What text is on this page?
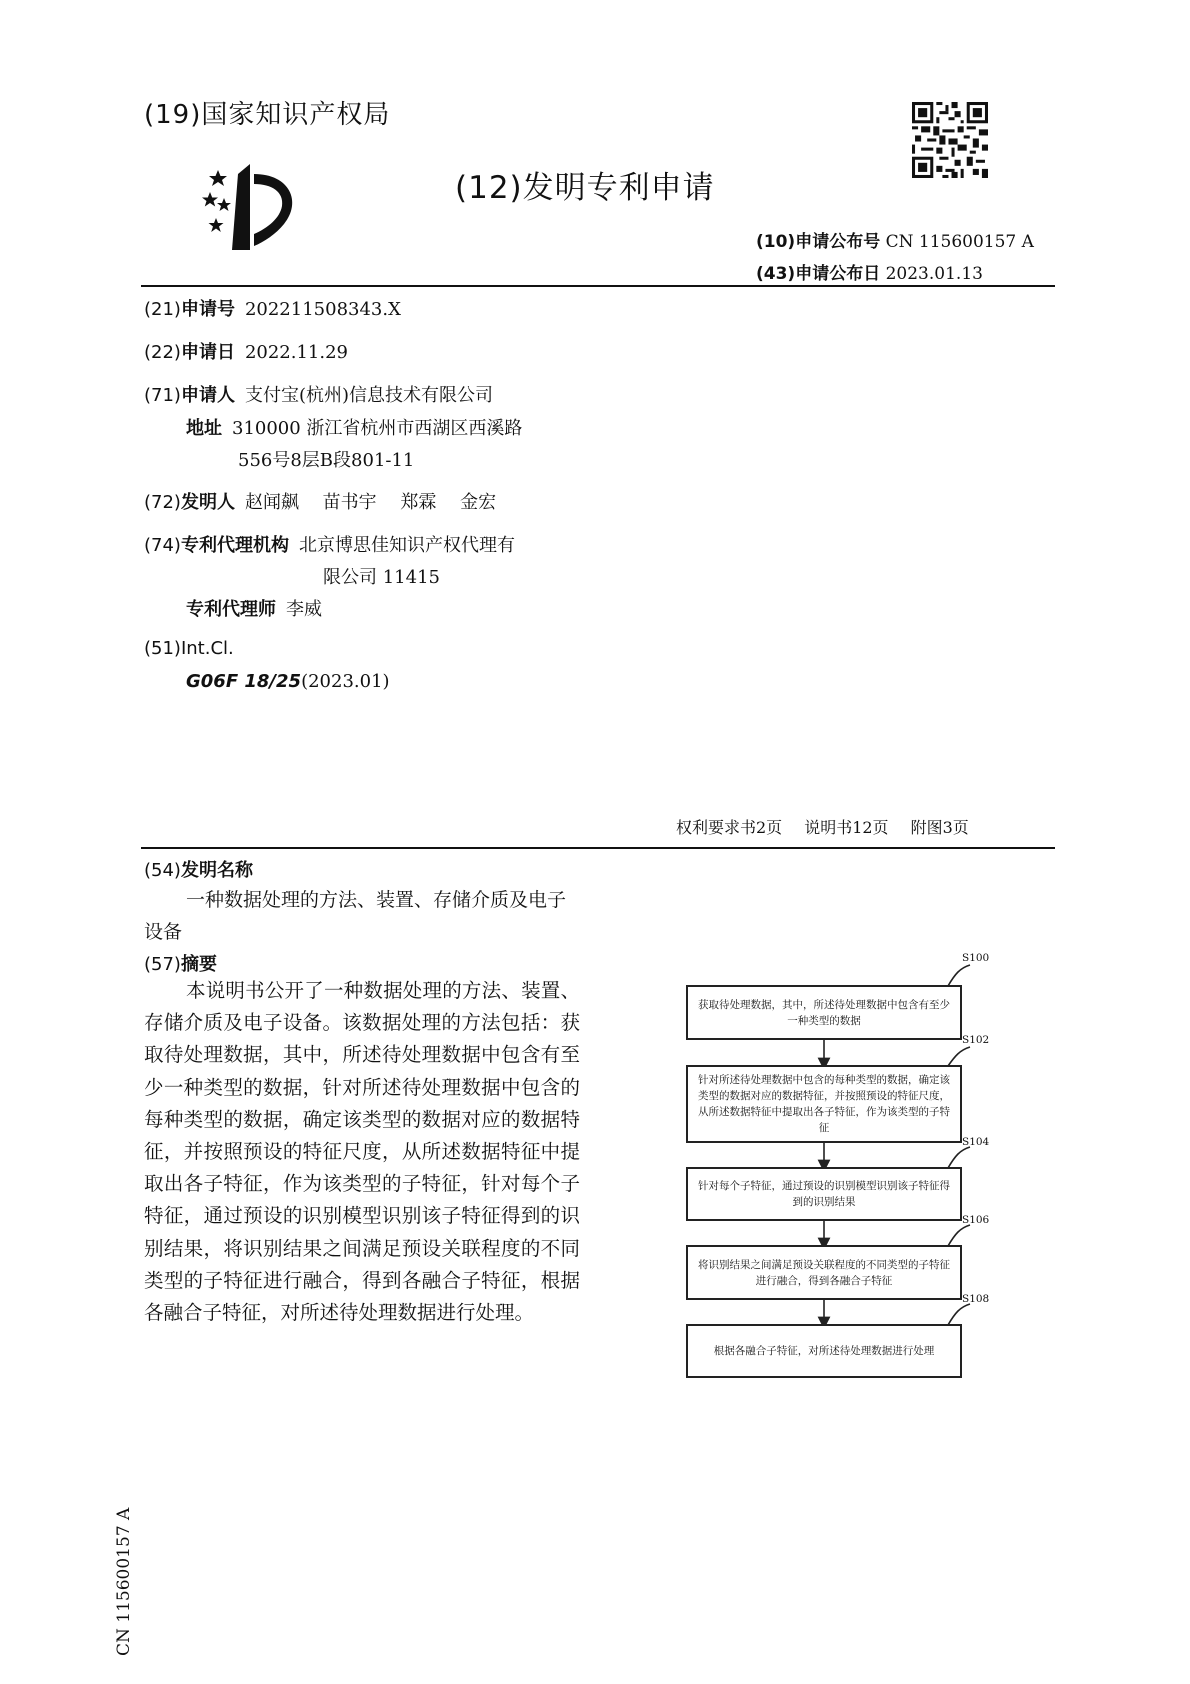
(19)国家知识产权局
(12)发明专利申请
(10)申请公布号 CN 115600157 A
(43)申请公布日 2023.01.13
(21)申请号 202211508343.X
(22)申请日 2022.11.29
(71)申请人 支付宝(杭州)信息技术有限公司
地址 310000 浙江省杭州市西湖区西溪路
556号8层B段801-11
(72)发明人 赵闻飙　 苗书宇　 郑霖　 金宏
(74)专利代理机构 北京博思佳知识产权代理有
限公司 11415
专利代理师 李威
(51)Int.Cl.
G06F 18/25(2023.01)
权利要求书2页 说明书12页 附图3页
(54)发明名称
一种数据处理的方法、装置、存储介质及电子设备
(57)摘要
本说明书公开了一种数据处理的方法、装置、存储介质及电子设备。该数据处理的方法包括：获取待处理数据，其中，所述待处理数据中包含有至少一种类型的数据，针对所述待处理数据中包含的每种类型的数据，确定该类型的数据对应的数据特征，并按照预设的特征尺度，从所述数据特征中提取出各子特征，作为该类型的子特征，针对每个子特征，通过预设的识别模型识别该子特征得到的识别结果，将识别结果之间满足预设关联程度的不同类型的子特征进行融合，得到各融合子特征，根据各融合子特征，对所述待处理数据进行处理。
S100
获取待处理数据，其中，所述待处理数据中包含有至少一种类型的数据
S102
针对所述待处理数据中包含的每种类型的数据，确定该类型的数据对应的数据特征，并按照预设的特征尺度，从所述数据特征中提取出各子特征，作为该类型的子特征
S104
针对每个子特征，通过预设的识别模型识别该子特征得到的识别结果
S106
将识别结果之间满足预设关联程度的不同类型的子特征进行融合，得到各融合子特征
S108
根据各融合子特征，对所述待处理数据进行处理
CN 115600157 A
